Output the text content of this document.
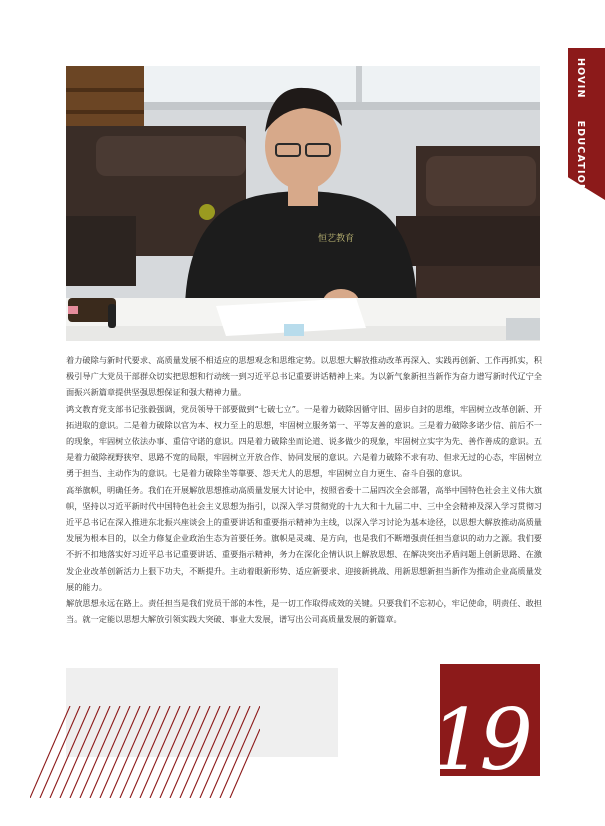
恒艺教育
HOVINEDUCATION

着力破除与新时代要求、高质量发展不相适应的思想观念和思维定势。以思想大解放推动改革再深入、实践再创新、工作再抓实，积极引导广大党员干部群众切实把思想和行动统一到习近平总书记重要讲话精神上来。为以新气象新担当新作为奋力谱写新时代辽宁全面振兴新篇章提供坚强思想保证和强大精神力量。

鸿文教育党支部书记张毅强调，党员领导干部要做到“七破七立”。一是着力破除因循守旧、固步自封的思维，牢固树立改革创新、开拓进取的意识。二是着力破除以官为本、权力至上的思想，牢固树立服务第一、平等友善的意识。三是着力破除多诺少信、前后不一的现象，牢固树立依法办事、重信守诺的意识。四是着力破除坐而论道、说多做少的现象，牢固树立实字为先、善作善成的意识。五是着力破除视野狭窄、思路不宽的局限，牢固树立开放合作、协同发展的意识。六是着力破除不求有功、但求无过的心态，牢固树立勇于担当、主动作为的意识。七是着力破除坐等靠要、怨天尤人的思想，牢固树立自力更生、奋斗自强的意识。

高举旗帜，明确任务。我们在开展解放思想推动高质量发展大讨论中，按照省委十二届四次全会部署，高举中国特色社会主义伟大旗帜，坚持以习近平新时代中国特色社会主义思想为指引，以深入学习贯彻党的十九大和十九届二中、三中全会精神及深入学习贯彻习近平总书记在深入推进东北振兴座谈会上的重要讲话和重要指示精神为主线，以深入学习讨论为基本途径，以思想大解放推动高质量发展为根本目的，以全力修复企业政治生态为首要任务。旗帜是灵魂、是方向，也是我们不断增强责任担当意识的动力之源。我们要不折不扣地落实好习近平总书记重要讲话、重要指示精神，务力在深化企情认识上解放思想、在解决突出矛盾问题上创新思路、在激发企业改革创新活力上狠下功夫，不断提升。主动着眼新形势、适应新要求、迎接新挑战、用新思想新担当新作为推动企业高质量发展的能力。

解放思想永远在路上。责任担当是我们党员干部的本性，是一切工作取得成效的关键。只要我们不忘初心，牢记使命，明责任、敢担当。就一定能以思想大解放引领实践大突破、事业大发展，谱写出公司高质量发展的新篇章。

19
